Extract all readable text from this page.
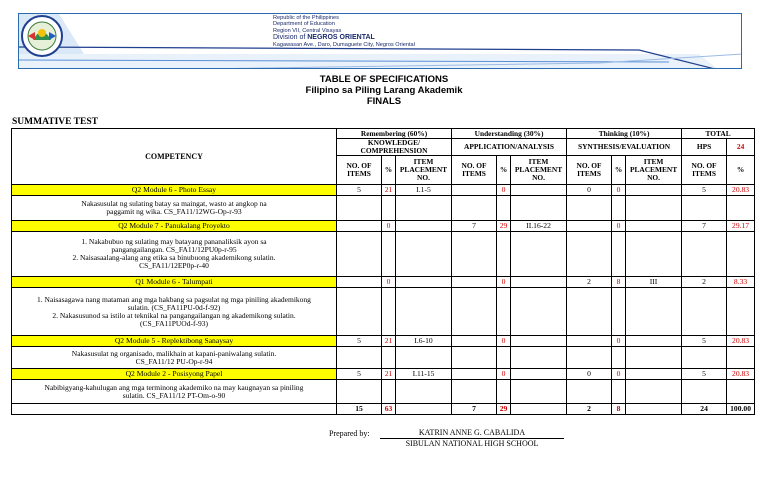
Republic of the Philippines
Department of Education
Region VII, Central Visayas
Division of NEGROS ORIENTAL
Kagawasan Ave., Daro, Dumaguete City, Negros Oriental
TABLE OF SPECIFICATIONS
Filipino sa Piling Larang Akademik
FINALS
SUMMATIVE TEST
COMPETENCY	Remembering (60%)			Understanding (30%)			Thinking (10%)			TOTAL	
	KNOWLEDGE/ COMPREHENSION			APPLICATION/ANALYSIS			SYNTHESIS/EVALUATION			HPS	24
	NO. OF ITEMS	%	ITEM PLACEMENT NO.	NO. OF ITEMS	%	ITEM PLACEMENT NO.	NO. OF ITEMS	%	ITEM PLACEMENT NO.	NO. OF ITEMS	%
Q2 Module 6 - Photo Essay	5	21	I.1-5		0		0	0		5	20.83

Nakasusulat ng sulating batay sa maingat, wasto at angkop na
paggamit ng wika. CS_FA11/12WG-Op-r-93											

Q2 Module 7 - Panukalang Proyekto		0		7	29	II.16-22		0		7	29.17

1. Nakabubuo ng sulating may batayang pananaliksik ayon sa
pangangailangan. CS_FA11/12PU0p-r-95
2. Naisasaalang-alang ang etika sa binubuong akademikong sulatin.
CS_FA11/12EP0p-r-40											

Q1 Module 6 - Talumpati		0			0		2	8	III	2	8.33

1. Naisasagawa nang mataman ang mga hakbang sa pagsulat ng mga piniling akademikong
sulatin. (CS_FA11PU-0d-f-92)
2. Nakasusunod sa istilo at teknikal na pangangailangan ng akademikong sulatin.
(CS_FA11PUOd-f-93)											

Q2 Module 5 - Replektibong Sanaysay	5	21	I.6-10		0			0		5	20.83

Nakasusulat ng organisado, malikhain at kapani-paniwalang sulatin.
CS_FA11/12 PU-Op-r-94											

Q2 Module 2 - Posisyong Papel	5	21	I.11-15		0		0	0		5	20.83

Nabibigyang-kahulugan ang mga terminong akademiko na may kaugnayan sa piniling
sulatin. CS_FA11/12 PT-Om-o-90											

	15	63		7	29		2	8		24	100.00
Prepared by:	KATRIN ANNE G. CABALIDA
SIBULAN NATIONAL HIGH SCHOOL
